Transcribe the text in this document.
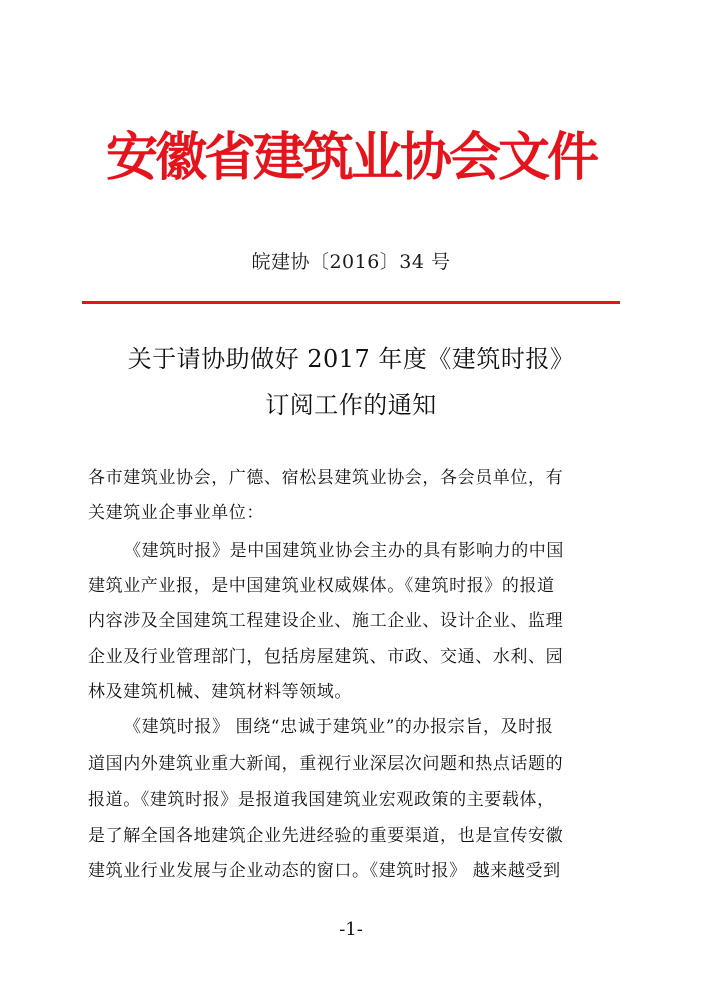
安徽省建筑业协会文件
皖建协〔2016〕34 号
关于请协助做好 2017 年度《建筑时报》
订阅工作的通知
各市建筑业协会，广德、宿松县建筑业协会，各会员单位，有
关建筑业企事业单位：
《建筑时报》是中国建筑业协会主办的具有影响力的中国
建筑业产业报，是中国建筑业权威媒体。《建筑时报》的报道
内容涉及全国建筑工程建设企业、施工企业、设计企业、监理
企业及行业管理部门，包括房屋建筑、市政、交通、水利、园
林及建筑机械、建筑材料等领域。
《建筑时报》 围绕“忠诚于建筑业”的办报宗旨，及时报
道国内外建筑业重大新闻，重视行业深层次问题和热点话题的
报道。《建筑时报》是报道我国建筑业宏观政策的主要载体，
是了解全国各地建筑企业先进经验的重要渠道，也是宣传安徽
建筑业行业发展与企业动态的窗口。《建筑时报》 越来越受到
-1-
